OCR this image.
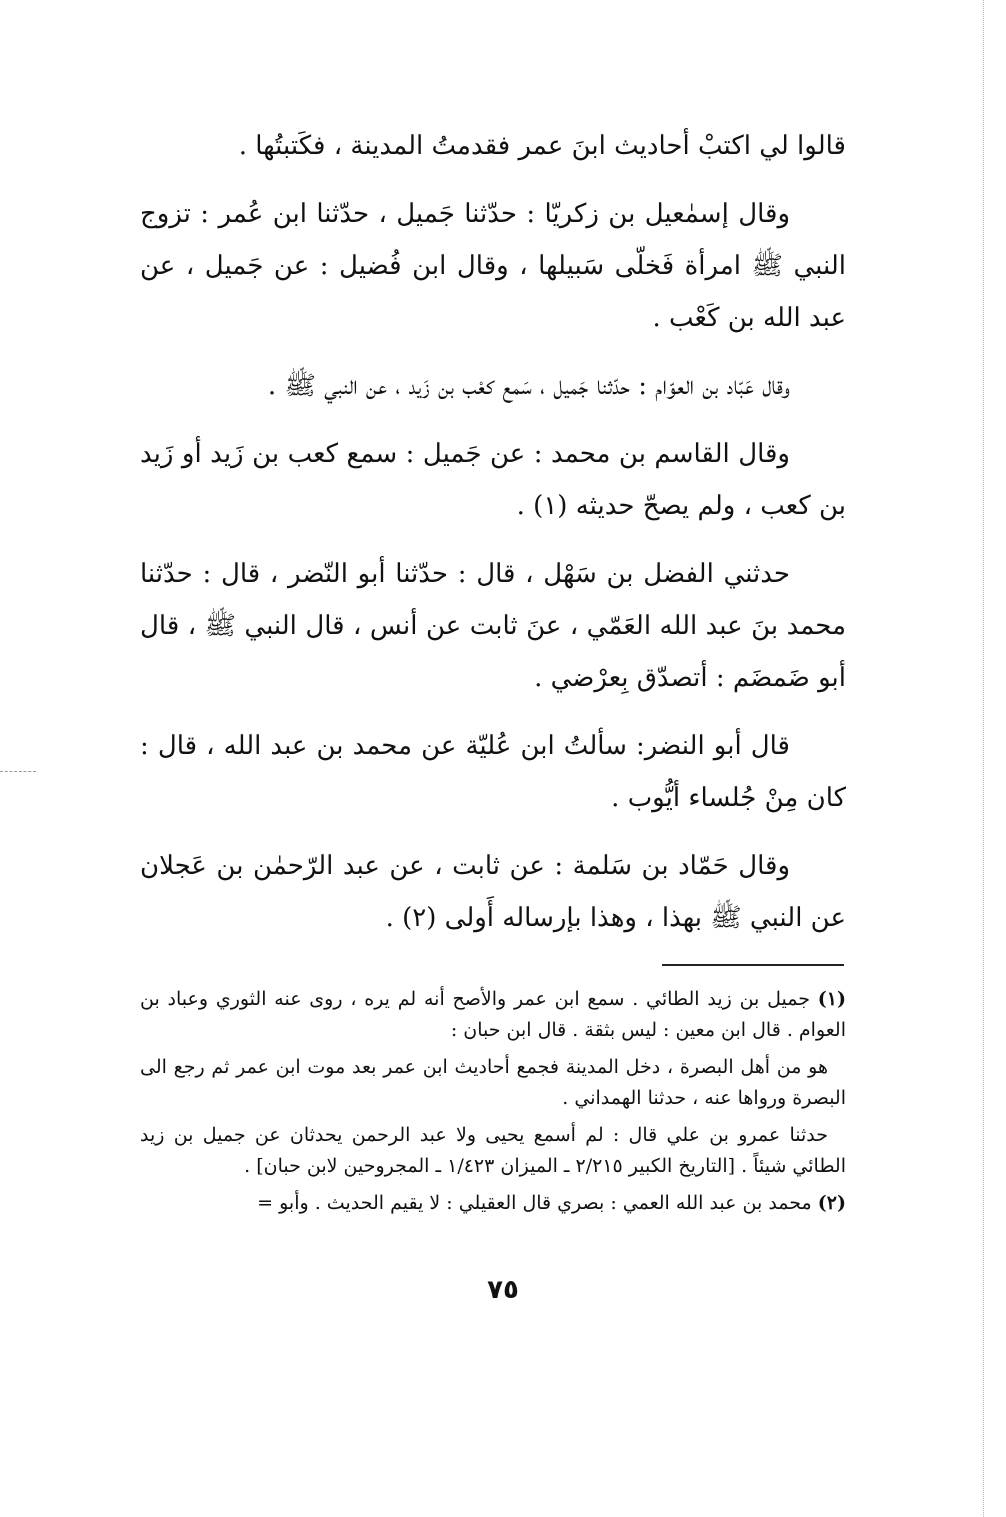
قالوا لي اكتبْ أحاديث ابنَ عمر فقدمتُ المدينة ، فكَتبتُها .

وقال إسمٰعيل بن زكريّا : حدّثنا جَميل ، حدّثنا ابن عُمر : تزوج النبي ﷺ امرأة فَخلّى سَبيلها ، وقال ابن فُضيل : عن جَميل ، عن عبد الله بن كَعْب .

وقال عَبّاد بن العوّام : حدّثنا جَميل ، سَمع كعْب بن زَيد ، عن النبي ﷺ .

وقال القاسم بن محمد : عن جَميل : سمع كعب بن زَيد أو زَيد بن كعب ، ولم يصحّ حديثه (١) .

حدثني الفضل بن سَهْل ، قال : حدّثنا أبو النّضر ، قال : حدّثنا محمد بنَ عبد الله العَمّي ، عنَ ثابت عن أنس ، قال النبي ﷺ ، قال أبو ضَمضَم : أتصدّق بِعرْضي .

قال أبو النضر: سألتُ ابن عُليّة عن محمد بن عبد الله ، قال : كان مِنْ جُلساء أيُّوب .

وقال حَمّاد بن سَلمة : عن ثابت ، عن عبد الرّحمٰن بن عَجلان عن النبي ﷺ بهذا ، وهذا بإرساله أَولى (٢) .

(١) جميل بن زيد الطائي . سمع ابن عمر والأصح أنه لم يره ، روى عنه الثوري وعباد بن العوام . قال ابن معين : ليس بثقة . قال ابن حبان :

هو من أهل البصرة ، دخل المدينة فجمع أحاديث ابن عمر بعد موت ابن عمر ثم رجع الى البصرة ورواها عنه ، حدثنا الهمداني .

حدثنا عمرو بن علي قال : لم أسمع يحيى ولا عبد الرحمن يحدثان عن جميل بن زيد الطائي شيئاً . [التاريخ الكبير ٢/٢١٥ ـ الميزان ١/٤٢٣ ـ المجروحين لابن حبان] .

(٢) محمد بن عبد الله العمي : بصري قال العقيلي : لا يقيم الحديث . وأبو =

٧٥
